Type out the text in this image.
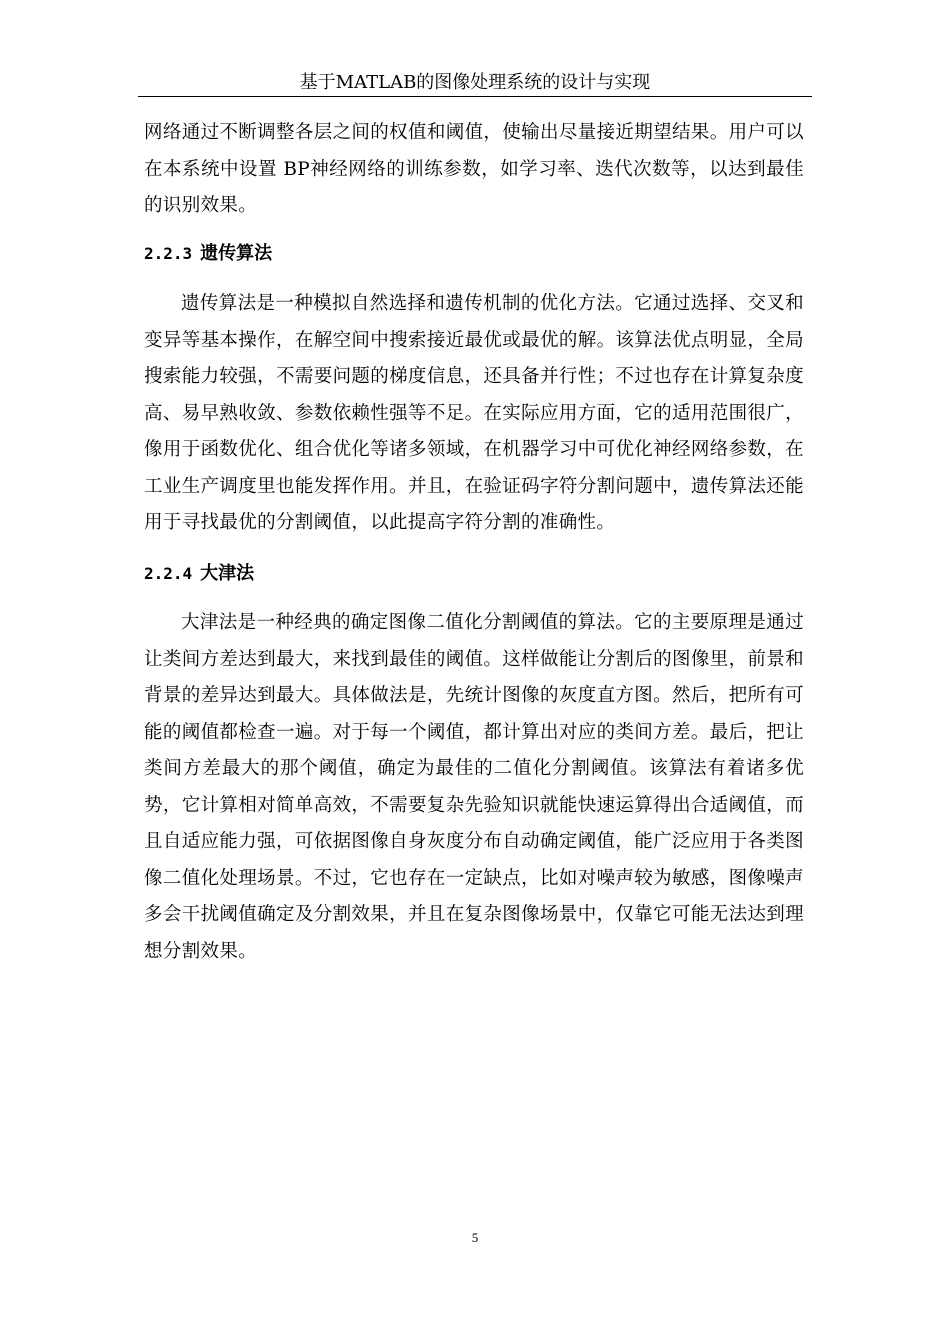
基于MATLAB的图像处理系统的设计与实现

网络通过不断调整各层之间的权值和阈值，使输出尽量接近期望结果。用户可以在本系统中设置 BP神经网络的训练参数，如学习率、迭代次数等，以达到最佳的识别效果。

2.2.3 遗传算法

遗传算法是一种模拟自然选择和遗传机制的优化方法。它通过选择、交叉和变异等基本操作，在解空间中搜索接近最优或最优的解。该算法优点明显，全局搜索能力较强，不需要问题的梯度信息，还具备并行性；不过也存在计算复杂度高、易早熟收敛、参数依赖性强等不足。在实际应用方面，它的适用范围很广，像用于函数优化、组合优化等诸多领域，在机器学习中可优化神经网络参数，在工业生产调度里也能发挥作用。并且，在验证码字符分割问题中，遗传算法还能用于寻找最优的分割阈值，以此提高字符分割的准确性。

2.2.4 大津法

大津法是一种经典的确定图像二值化分割阈值的算法。它的主要原理是通过让类间方差达到最大，来找到最佳的阈值。这样做能让分割后的图像里，前景和背景的差异达到最大。具体做法是，先统计图像的灰度直方图。然后，把所有可能的阈值都检查一遍。对于每一个阈值，都计算出对应的类间方差。最后，把让类间方差最大的那个阈值，确定为最佳的二值化分割阈值。该算法有着诸多优势，它计算相对简单高效，不需要复杂先验知识就能快速运算得出合适阈值，而且自适应能力强，可依据图像自身灰度分布自动确定阈值，能广泛应用于各类图像二值化处理场景。不过，它也存在一定缺点，比如对噪声较为敏感，图像噪声多会干扰阈值确定及分割效果，并且在复杂图像场景中，仅靠它可能无法达到理想分割效果。

5
